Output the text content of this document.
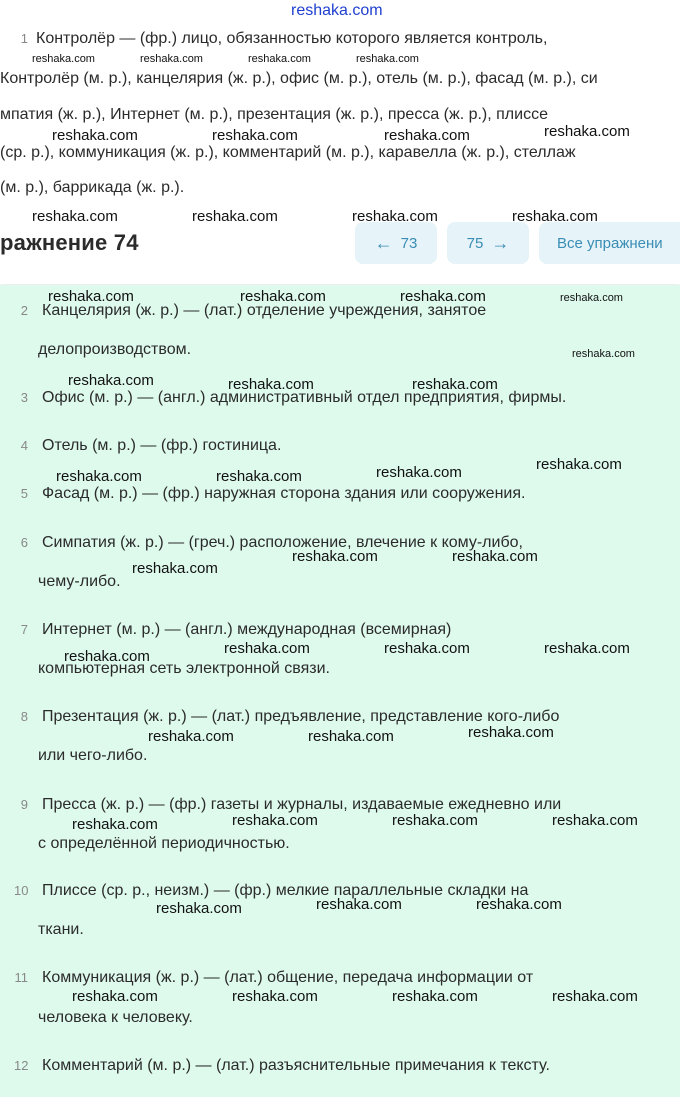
reshaka.com
1 Контролёр — (фр.) лицо, обязанностью которого является контроль,
reshaka.com	reshaka.com	reshaka.com	reshaka.com
Контролёр (м. р.), канцелярия (ж. р.), офис (м. р.), отель (м. р.), фасад (м. р.), си
мпатия (ж. р.), Интернет (м. р.), презентация (ж. р.), пресса (ж. р.), плиссе
reshaka.com	reshaka.com	reshaka.com	reshaka.com
(ср. р.), коммуникация (ж. р.), комментарий (м. р.), каравелла (ж. р.), стеллаж
(м. р.), баррикада (ж. р.).
ражнение 74	← 73	75 →	Все упражнени
reshaka.com	reshaka.com	reshaka.com	reshaka.com
2 Канцелярия (ж. р.) — (лат.) отделение учреждения, занятое
делопроизводством.
3 Офис (м. р.) — (англ.) административный отдел предприятия, фирмы.
4 Отель (м. р.) — (фр.) гостиница.
5 Фасад (м. р.) — (фр.) наружная сторона здания или сооружения.
6 Симпатия (ж. р.) — (греч.) расположение, влечение к кому-либо,
чему-либо.
7 Интернет (м. р.) — (англ.) международная (всемирная)
компьютерная сеть электронной связи.
8 Презентация (ж. р.) — (лат.) предъявление, представление кого-либо
или чего-либо.
9 Пресса (ж. р.) — (фр.) газеты и журналы, издаваемые ежедневно или
с определённой периодичностью.
10 Плиссе (ср. р., неизм.) — (фр.) мелкие параллельные складки на
ткани.
11 Коммуникация (ж. р.) — (лат.) общение, передача информации от
человека к человеку.
12 Комментарий (м. р.) — (лат.) разъяснительные примечания к тексту.
reshaka.com	reshaka.com	reshaka.com	reshaka.com
reshaka.com
reshaka.com	reshaka.com	reshaka.com
reshaka.com	reshaka.com	reshaka.com	reshaka.com
reshaka.com	reshaka.com
reshaka.com
reshaka.com	reshaka.com	reshaka.com
reshaka.com
reshaka.com	reshaka.com	reshaka.com
reshaka.com	reshaka.com	reshaka.com
reshaka.com
reshaka.com	reshaka.com
reshaka.com
reshaka.com	reshaka.com	reshaka.com	reshaka.com
